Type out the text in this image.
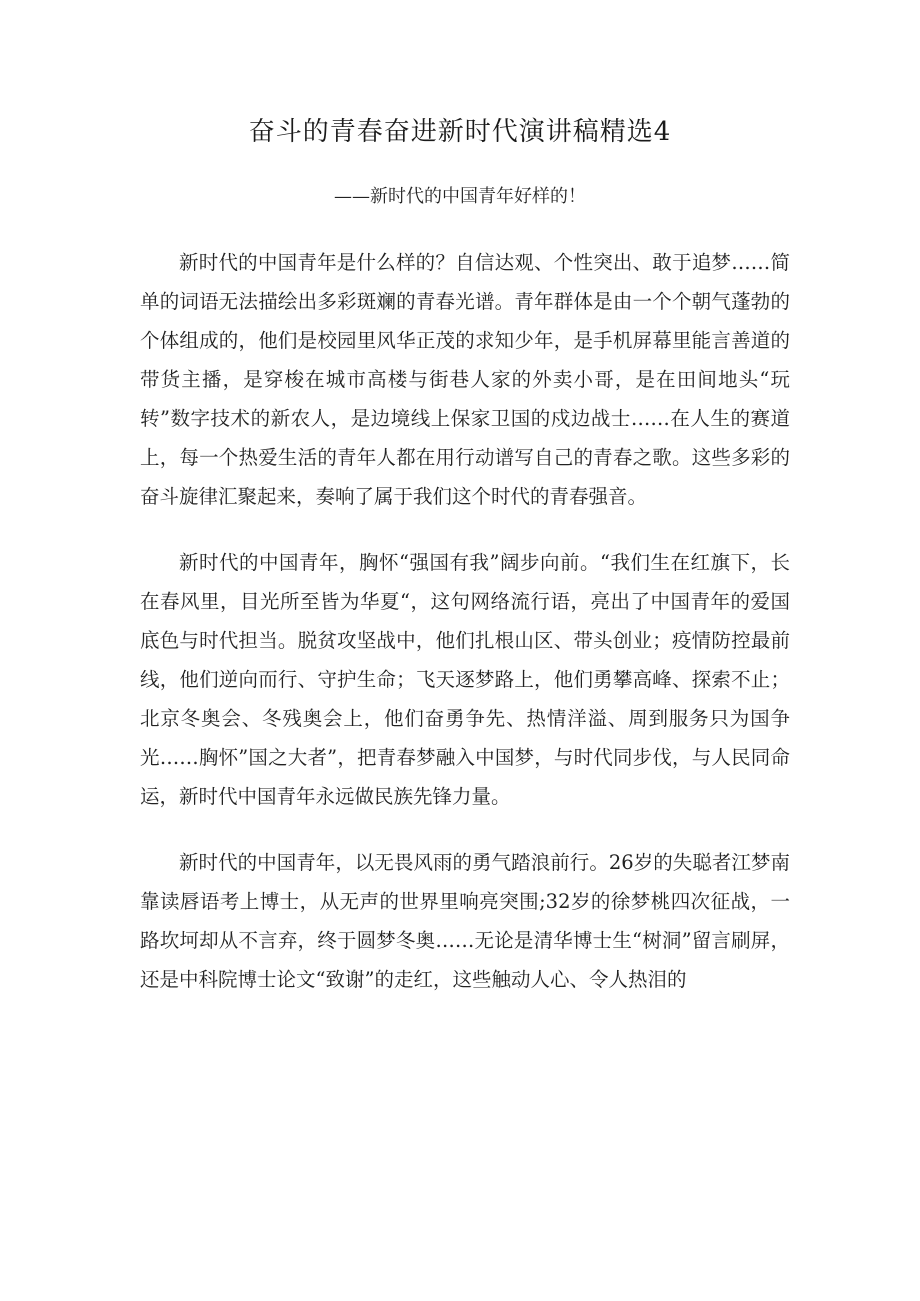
奋斗的青春奋进新时代演讲稿精选4

——新时代的中国青年好样的！

新时代的中国青年是什么样的？自信达观、个性突出、敢于追梦……简单的词语无法描绘出多彩斑斓的青春光谱。青年群体是由一个个朝气蓬勃的个体组成的，他们是校园里风华正茂的求知少年，是手机屏幕里能言善道的带货主播，是穿梭在城市高楼与街巷人家的外卖小哥，是在田间地头“玩转”数字技术的新农人，是边境线上保家卫国的戍边战士……在人生的赛道上，每一个热爱生活的青年人都在用行动谱写自己的青春之歌。这些多彩的奋斗旋律汇聚起来，奏响了属于我们这个时代的青春强音。

新时代的中国青年，胸怀“强国有我”阔步向前。“我们生在红旗下，长在春风里，目光所至皆为华夏“，这句网络流行语，亮出了中国青年的爱国底色与时代担当。脱贫攻坚战中，他们扎根山区、带头创业；疫情防控最前线，他们逆向而行、守护生命；飞天逐梦路上，他们勇攀高峰、探索不止；北京冬奥会、冬残奥会上，他们奋勇争先、热情洋溢、周到服务只为国争光……胸怀”国之大者”，把青春梦融入中国梦，与时代同步伐，与人民同命运，新时代中国青年永远做民族先锋力量。

新时代的中国青年，以无畏风雨的勇气踏浪前行。26岁的失聪者江梦南靠读唇语考上博士，从无声的世界里响亮突围;32岁的徐梦桃四次征战，一路坎坷却从不言弃，终于圆梦冬奥……无论是清华博士生“树洞”留言刷屏，还是中科院博士论文“致谢”的走红，这些触动人心、令人热泪的
